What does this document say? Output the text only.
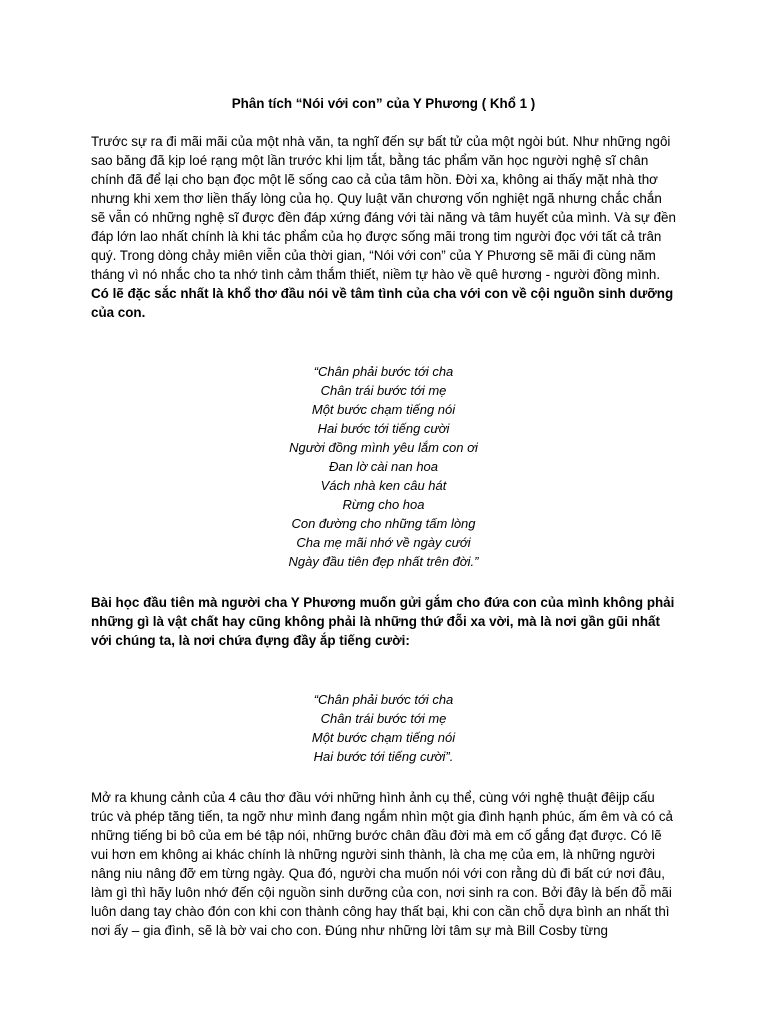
Phân tích “Nói với con” của Y Phương ( Khổ 1 )

Trước sự ra đi mãi mãi của một nhà văn, ta nghĩ đến sự bất tử của một ngòi bút. Như những ngôi sao băng đã kịp loé rạng một lần trước khi lịm tắt, bằng tác phẩm văn học người nghệ sĩ chân chính đã để lại cho bạn đọc một lẽ sống cao cả của tâm hồn. Đời xa, không ai thấy mặt nhà thơ nhưng khi xem thơ liền thấy lòng của họ. Quy luật văn chương vốn nghiệt ngã nhưng chắc chắn sẽ vẫn có những nghệ sĩ được đền đáp xứng đáng với tài năng và tâm huyết của mình. Và sự đền đáp lớn lao nhất chính là khi tác phẩm của họ được sống mãi trong tim người đọc với tất cả trân quý. Trong dòng chảy miên viễn của thời gian, “Nói với con” của Y Phương sẽ mãi đi cùng năm tháng vì nó nhắc cho ta nhớ tình cảm thắm thiết, niềm tự hào về quê hương - người đồng mình. Có lẽ đặc sắc nhất là khổ thơ đầu nói về tâm tình của cha với con về cội nguồn sinh dưỡng của con.

“Chân phải bước tới cha
Chân trái bước tới mẹ
Một bước chạm tiếng nói
Hai bước tới tiếng cười
Người đồng mình yêu lắm con ơi
Đan lờ cài nan hoa
Vách nhà ken câu hát
Rừng cho hoa
Con đường cho những tấm lòng
Cha mẹ mãi nhớ về ngày cưới
Ngày đầu tiên đẹp nhất trên đời.”

Bài học đầu tiên mà người cha Y Phương muốn gửi gắm cho đứa con của mình không phải những gì là vật chất hay cũng không phải là những thứ đỗi xa vời, mà là nơi gần gũi nhất với chúng ta, là nơi chứa đựng đầy ắp tiếng cười:

“Chân phải bước tới cha
Chân trái bước tới mẹ
Một bước chạm tiếng nói
Hai bước tới tiếng cười”.

Mở ra khung cảnh của 4 câu thơ đầu với những hình ảnh cụ thể, cùng với nghệ thuật đêijp cấu trúc và phép tăng tiến, ta ngỡ như mình đang ngắm nhìn một gia đình hạnh phúc, ấm êm và có cả những tiếng bi bô của em bé tập nói, những bước chân đầu đời mà em cố gắng đạt được. Có lẽ vui hơn em không ai khác chính là những người sinh thành, là cha mẹ của em, là những người nâng niu nâng đỡ em từng ngày. Qua đó, người cha muốn nói với con rằng dù đi bất cứ nơi đâu, làm gì thì hãy luôn nhớ đến cội nguồn sinh dưỡng của con, nơi sinh ra con. Bởi đây là bến đỗ mãi luôn dang tay chào đón con khi con thành công hay thất bại, khi con cần chỗ dựa bình an nhất thì nơi ấy – gia đình, sẽ là bờ vai cho con. Đúng như những lời tâm sự mà Bill Cosby từng
